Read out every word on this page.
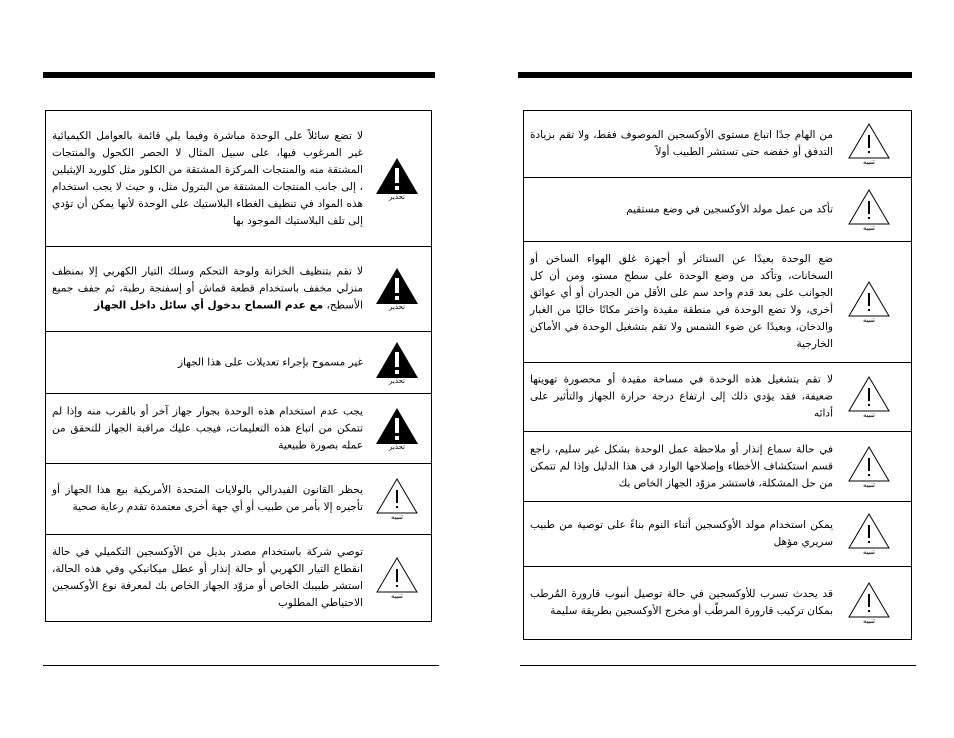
لا تضع سائلاً على الوحدة مباشرة وفيما يلي قائمة بالعوامل الكيميائية غير المرغوب فيها، على سبيل المثال لا الحصر الكحول والمنتجات المشتقة منه والمنتجات المركزة المشتقة من الكلور مثل كلوريد الإيثيلين ، إلى جانب المنتجات المشتقة من البترول مثل، و حيث لا يجب استخدام هذه المواد في تنظيف الغطاء البلاستيك على الوحدة لأنها يمكن أن تؤدي إلى تلف البلاستيك الموجود بها
تحذير
لا تقم بتنظيف الخزانة ولوحة التحكم وسلك التيار الكهربي إلا بمنظف منزلي مخفف باستخدام قطعة قماش أو إسفنجة رطبة، ثم جفف جميع الأسطح، مع عدم السماح بدخول أي سائل داخل الجهاز	تحذير
غير مسموح بإجراء تعديلات على هذا الجهاز
تحذير
يجب عدم استخدام هذه الوحدة بجوار جهاز آخر أو بالقرب منه وإذا لم تتمكن من اتباع هذه التعليمات، فيجب عليك مراقبة الجهاز للتحقق من عمله بصورة طبيعية	تحذير
يحظر القانون الفيدرالي بالولايات المتحدة الأمريكية بيع هذا الجهاز أو تأجيره إلا بأمر من طبيب أو أي جهة أخرى معتمدة تقدم رعاية صحية
تنبيه
توصي شركة باستخدام مصدر بديل من الأوكسجين التكميلي في حالة انقطاع التيار الكهربي أو حالة إنذار أو عطل ميكانيكي وفي هذه الحالة، استشر طبيبك الخاص أو مزوّد الجهاز الخاص بك لمعرفة نوع الأوكسجين الاحتياطي المطلوب
تنبيه
من الهام جدًا اتباع مستوى الأوكسجين الموصوف فقط، ولا تقم بزيادة التدفق أو خفضه حتى تستشر الطبيب أولاً
تنبيه
تأكد من عمل مولد الأوكسجين في وضع مستقيم
تنبيه
ضع الوحدة بعيدًا عن الستائر أو أجهزة غلق الهواء الساخن أو السخانات، وتأكد من وضع الوحدة على سطح مستو، ومن أن كل الجوانب على بعد قدم واحد سم على الأقل من الجدران أو أي عوائق أخرى، ولا تضع الوحدة في منطقة مقيدة واختر مكانًا خاليًا من الغبار والدخان، وبعيدًا عن ضوء الشمس ولا تقم بتشغيل الوحدة في الأماكن الخارجية
تنبيه
لا تقم بتشغيل هذه الوحدة في مساحة مقيدة أو محصورة تهويتها ضعيفة، فقد يؤدي ذلك إلى ارتفاع درجة حرارة الجهاز والتأثير على أدائه	تنبيه
في حالة سماع إنذار أو ملاحظة عمل الوحدة بشكل غير سليم، راجع قسم استكشاف الأخطاء وإصلاحها الوارد في هذا الدليل وإذا لم تتمكن من حل المشكلة، فاستشر مزوّد الجهاز الخاص بك	تنبيه
يمكن استخدام مولد الأوكسجين أثناء النوم بناءً على توصية من طبيب سريري مؤهل
تنبيه
قد يحدث تسرب للأوكسجين في حالة توصيل أنبوب قارورة المُرطب بمكان تركيب قارورة المرطّب أو مخرج الأوكسجين بطريقة سليمة
تنبيه
